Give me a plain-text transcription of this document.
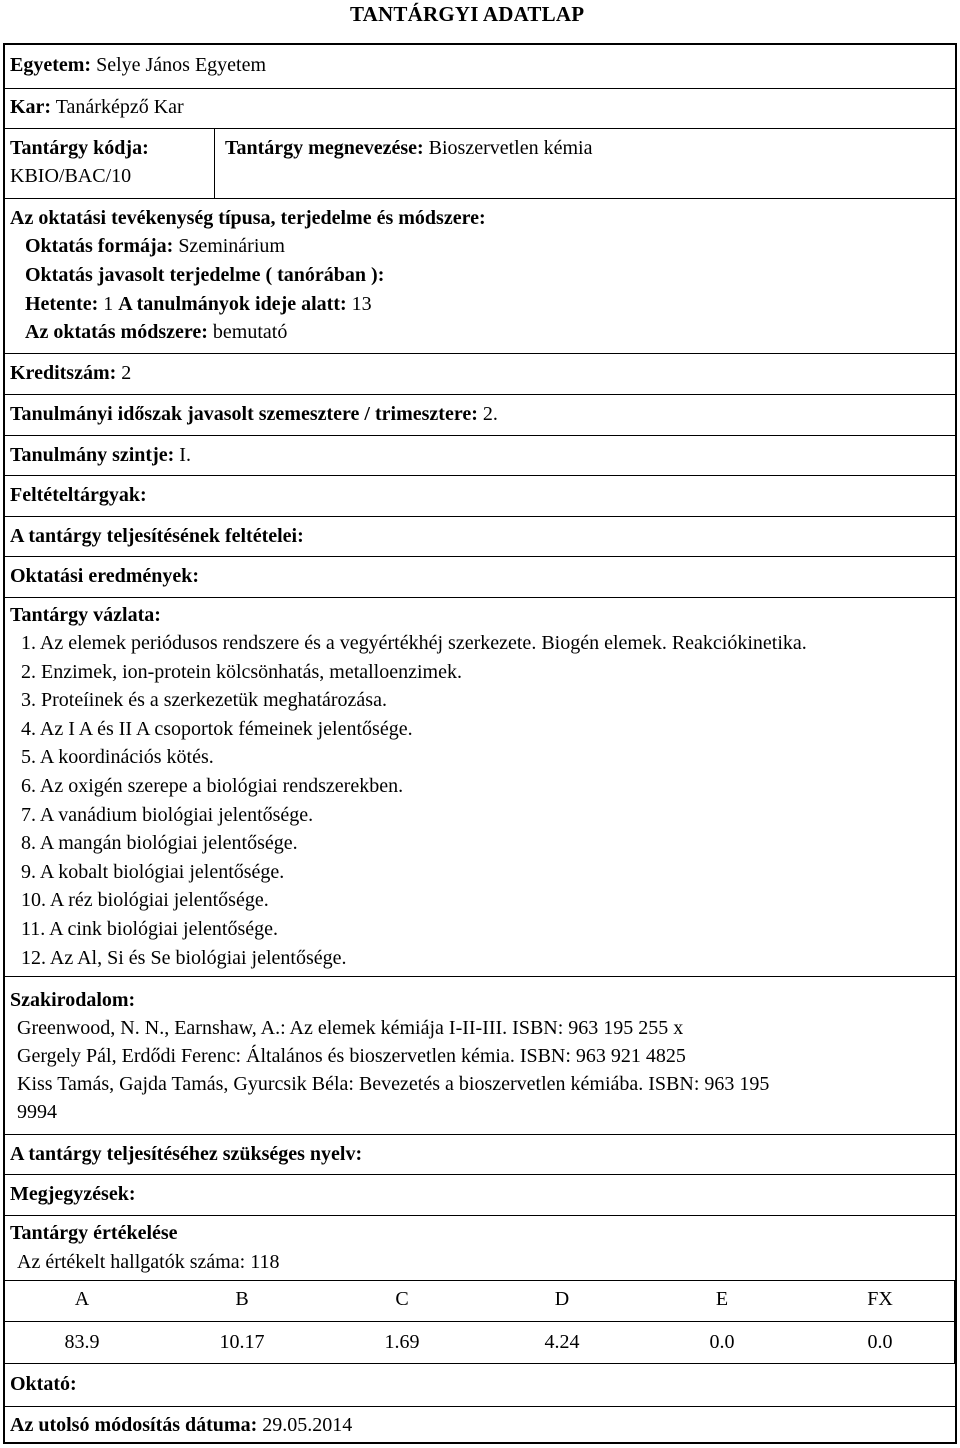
TANTÁRGYI ADATLAP
Egyetem: Selye János Egyetem
Kar: Tanárképző Kar
Tantárgy kódja:
KBIO/BAC/10
Tantárgy megnevezése: Bioszervetlen kémia
Az oktatási tevékenység típusa, terjedelme és módszere:
Oktatás formája: Szeminárium
Oktatás javasolt terjedelme ( tanórában ):
Hetente: 1 A tanulmányok ideje alatt: 13
Az oktatás módszere: bemutató
Kreditszám: 2
Tanulmányi időszak javasolt szemesztere / trimesztere: 2.
Tanulmány szintje: I.
Feltételtárgyak:
A tantárgy teljesítésének feltételei:
Oktatási eredmények:
Tantárgy vázlata:
1. Az elemek periódusos rendszere és a vegyértékhéj szerkezete. Biogén elemek. Reakciókinetika.
2. Enzimek, ion-protein kölcsönhatás, metalloenzimek.
3. Proteíinek és a szerkezetük meghatározása.
4. Az I A és II A csoportok fémeinek jelentősége.
5. A koordinációs kötés.
6. Az oxigén szerepe a biológiai rendszerekben.
7. A vanádium biológiai jelentősége.
8. A mangán biológiai jelentősége.
9. A kobalt biológiai jelentősége.
10. A réz biológiai jelentősége.
11. A cink biológiai jelentősége.
12. Az Al, Si és Se biológiai jelentősége.
Szakirodalom:
Greenwood, N. N., Earnshaw, A.: Az elemek kémiája I-II-III. ISBN: 963 195 255 x
Gergely Pál, Erdődi Ferenc: Általános és bioszervetlen kémia. ISBN: 963 921 4825
Kiss Tamás, Gajda Tamás, Gyurcsik Béla: Bevezetés a bioszervetlen kémiába. ISBN: 963 195
9994
A tantárgy teljesítéséhez szükséges nyelv:
Megjegyzések:
Tantárgy értékelése
Az értékelt hallgatók száma: 118
A	B	C	D	E	FX
83.9	10.17	1.69	4.24	0.0	0.0
Oktató:
Az utolsó módosítás dátuma: 29.05.2014
